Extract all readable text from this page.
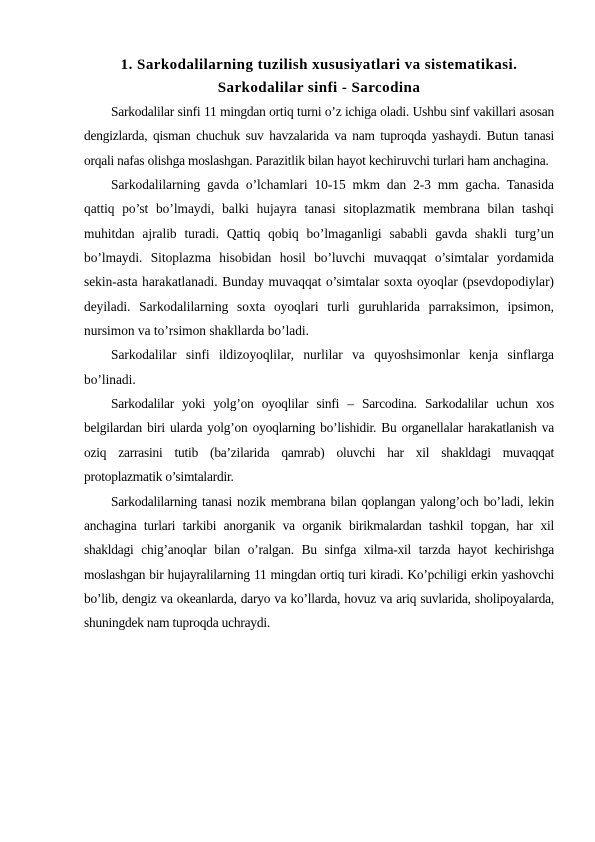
1. Sarkodalilarning tuzilish xususiyatlari va sistematikasi.
Sarkodalilar sinfi - Sarcodina

Sarkodalilar sinfi 11 mingdan ortiq turni o’z ichiga oladi. Ushbu sinf vakillari asosan dengizlarda, qisman chuchuk suv havzalarida va nam tuproqda yashaydi. Butun tanasi orqali nafas olishga moslashgan. Parazitlik bilan hayot kechiruvchi turlari ham anchagina.

Sarkodalilarning gavda o’lchamlari 10-15 mkm dan 2-3 mm gacha. Tanasida qattiq po’st bo’lmaydi, balki hujayra tanasi sitoplazmatik membrana bilan tashqi muhitdan ajralib turadi. Qattiq qobiq bo’lmaganligi sababli gavda shakli turg’un bo’lmaydi. Sitoplazma hisobidan hosil bo’luvchi muvaqqat o’simtalar yordamida sekin-asta harakatlanadi. Bunday muvaqqat o’simtalar soxta oyoqlar (psevdopodiylar) deyiladi. Sarkodalilarning soxta oyoqlari turli guruhlarida parraksimon, ipsimon, nursimon va to’rsimon shakllarda bo’ladi.

Sarkodalilar sinfi ildizoyoqlilar, nurlilar va quyoshsimonlar kenja sinflarga bo’linadi.

Sarkodalilar yoki yolg’on oyoqlilar sinfi – Sarcodina. Sarkodalilar uchun xos belgilardan biri ularda yolg’on oyoqlarning bo’lishidir. Bu organellalar harakatlanish va oziq zarrasini tutib (ba’zilarida qamrab) oluvchi har xil shakldagi muvaqqat protoplazmatik o’simtalardir.

Sarkodalilarning tanasi nozik membrana bilan qoplangan yalong’och bo’ladi, lekin anchagina turlari tarkibi anorganik va organik birikmalardan tashkil topgan, har xil shakldagi chig’anoqlar bilan o’ralgan. Bu sinfga xilma-xil tarzda hayot kechirishga moslashgan bir hujayralilarning 11 mingdan ortiq turi kiradi. Ko’pchiligi erkin yashovchi bo’lib, dengiz va okeanlarda, daryo va ko’llarda, hovuz va ariq suvlarida, sholipoyalarda, shuningdek nam tuproqda uchraydi.
